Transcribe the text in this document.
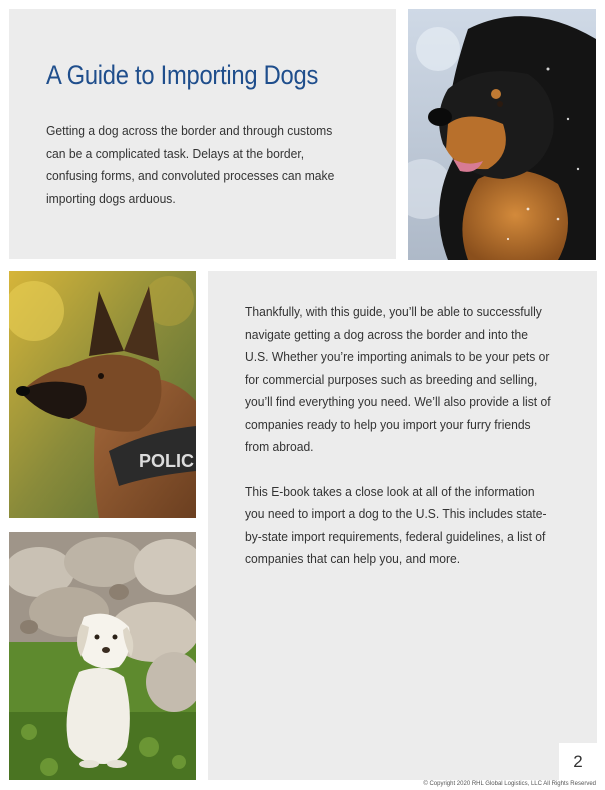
A Guide to Importing Dogs

Getting a dog across the border and through customs can be a complicated task. Delays at the border, confusing forms, and convoluted processes can make importing dogs arduous.

Thankfully, with this guide, you’ll be able to successfully navigate getting a dog across the border and into the U.S. Whether you’re importing animals to be your pets or for commercial purposes such as breeding and selling, you’ll find everything you need. We’ll also provide a list of companies ready to help you import your furry friends from abroad.

This E-book takes a close look at all of the information you need to import a dog to the U.S. This includes state-by-state import requirements, federal guidelines, a list of companies that can help you, and more.

POLIC
2
© Copyright 2020 RHL Global Logistics, LLC All Rights Reserved
